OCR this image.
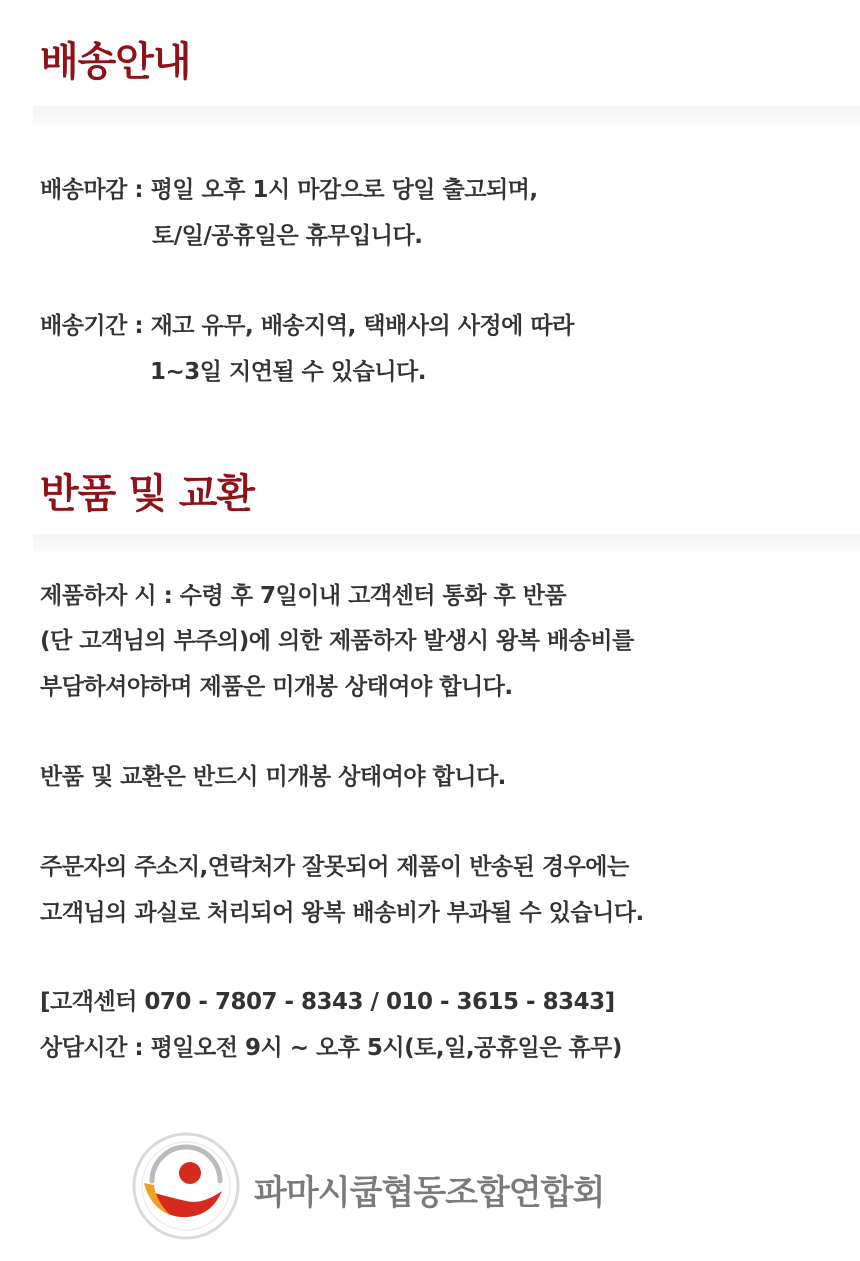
배송안내

배송마감 : 평일 오후 1시 마감으로 당일 출고되며,

토/일/공휴일은 휴무입니다.

배송기간 : 재고 유무, 배송지역, 택배사의 사정에 따라

1~3일 지연될 수 있습니다.

반품 및 교환

제품하자 시 : 수령 후 7일이내 고객센터 통화 후 반품

(단 고객님의 부주의)에 의한 제품하자 발생시 왕복 배송비를

부담하셔야하며 제품은 미개봉 상태여야 합니다.

반품 및 교환은 반드시 미개봉 상태여야 합니다.

주문자의 주소지,연락처가 잘못되어 제품이 반송된 경우에는

고객님의 과실로 처리되어 왕복 배송비가 부과될 수 있습니다.

[고객센터 070 - 7807 - 8343 / 010 - 3615 - 8343]

상담시간 : 평일오전 9시 ~ 오후 5시(토,일,공휴일은 휴무)

파마시쿱협동조합연합회
